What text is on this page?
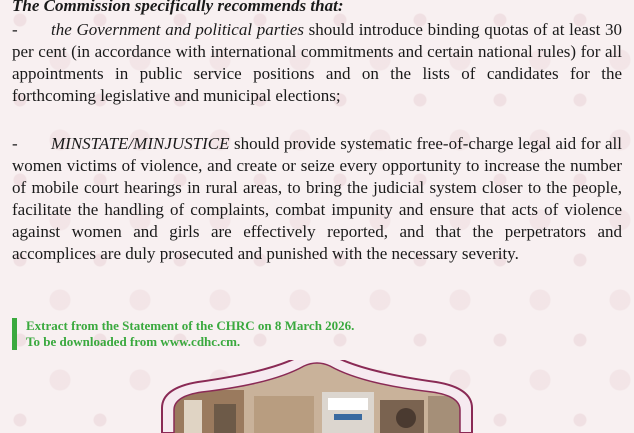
The Commission specifically recommends that:

- the Government and political parties should introduce binding quotas of at least 30 per cent (in accordance with international commitments and certain national rules) for all appointments in public service positions and on the lists of candidates for the forthcoming legislative and municipal elections;

- MINSTATE/MINJUSTICE should provide systematic free-of-charge legal aid for all women victims of violence, and create or seize every opportunity to increase the number of mobile court hearings in rural areas, to bring the judicial system closer to the people, facilitate the handling of complaints, combat impunity and ensure that acts of violence against women and girls are effectively reported, and that the perpetrators and accomplices are duly prosecuted and punished with the necessary severity.

Extract from the Statement of the CHRC on 8 March 2026.
To be downloaded from www.cdhc.cm.
